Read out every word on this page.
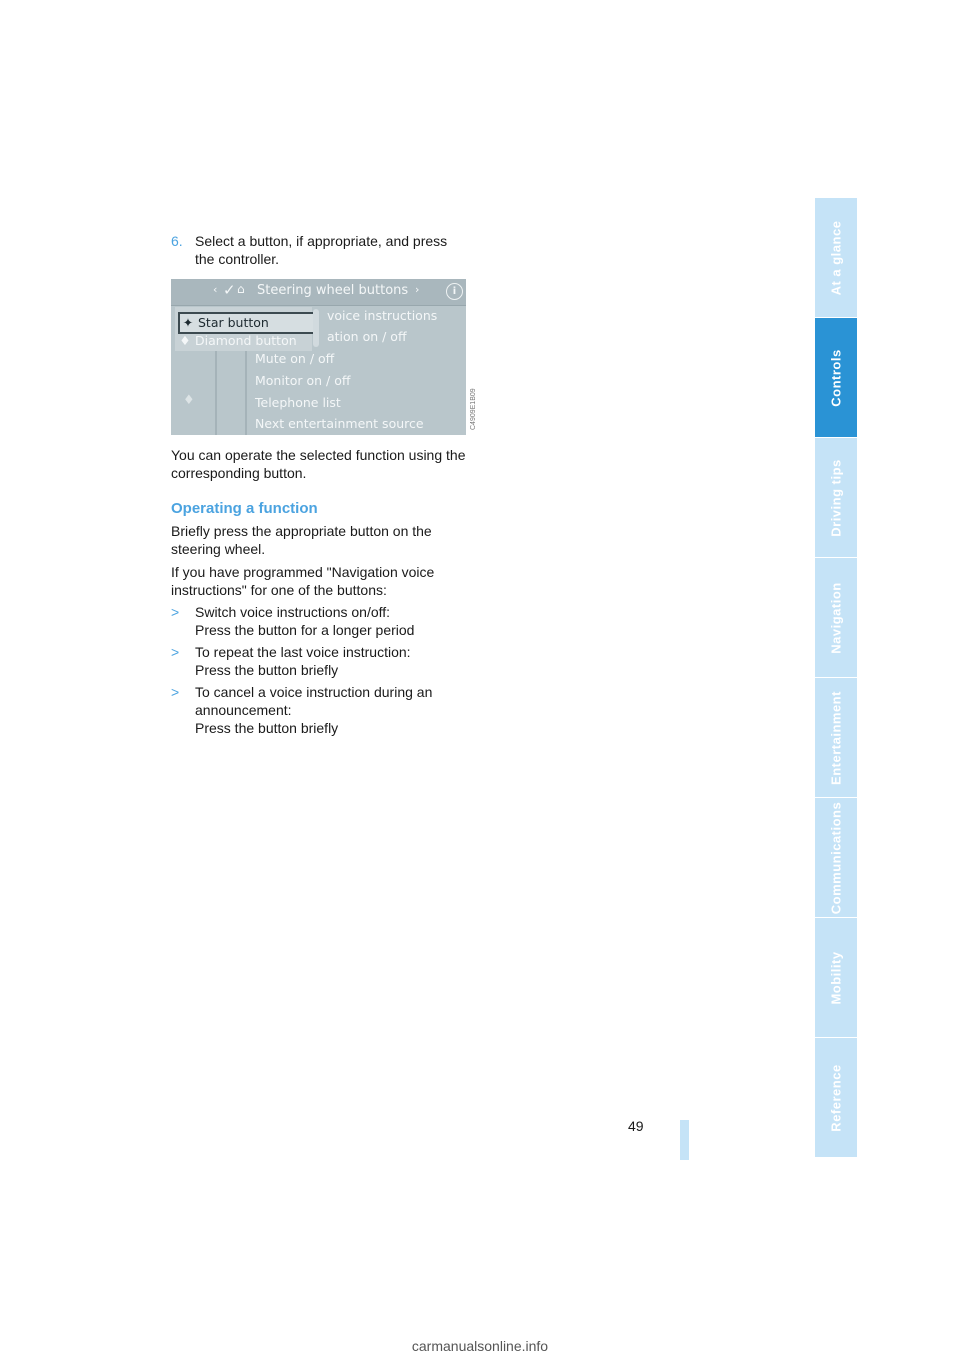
6. Select a button, if appropriate, and press
the controller.
‹ ✓ ⌂ Steering wheel buttons ›	i
✦ Star button
♦ Diamond button
voice instructions
ation on / off
Mute on / off
Monitor on / off
Telephone list
Next entertainment source
♦	C4909E1B09
You can operate the selected function using the
corresponding button.
Operating a function
Briefly press the appropriate button on the
steering wheel.
If you have programmed "Navigation voice
instructions" for one of the buttons:
> Switch voice instructions on/off:
Press the button for a longer period
> To repeat the last voice instruction:
Press the button briefly
> To cancel a voice instruction during an
announcement:
Press the button briefly
At a glance
Controls
Driving tips
Navigation
Entertainment
Communications
Mobility
Reference
49
carmanualsonline.info
